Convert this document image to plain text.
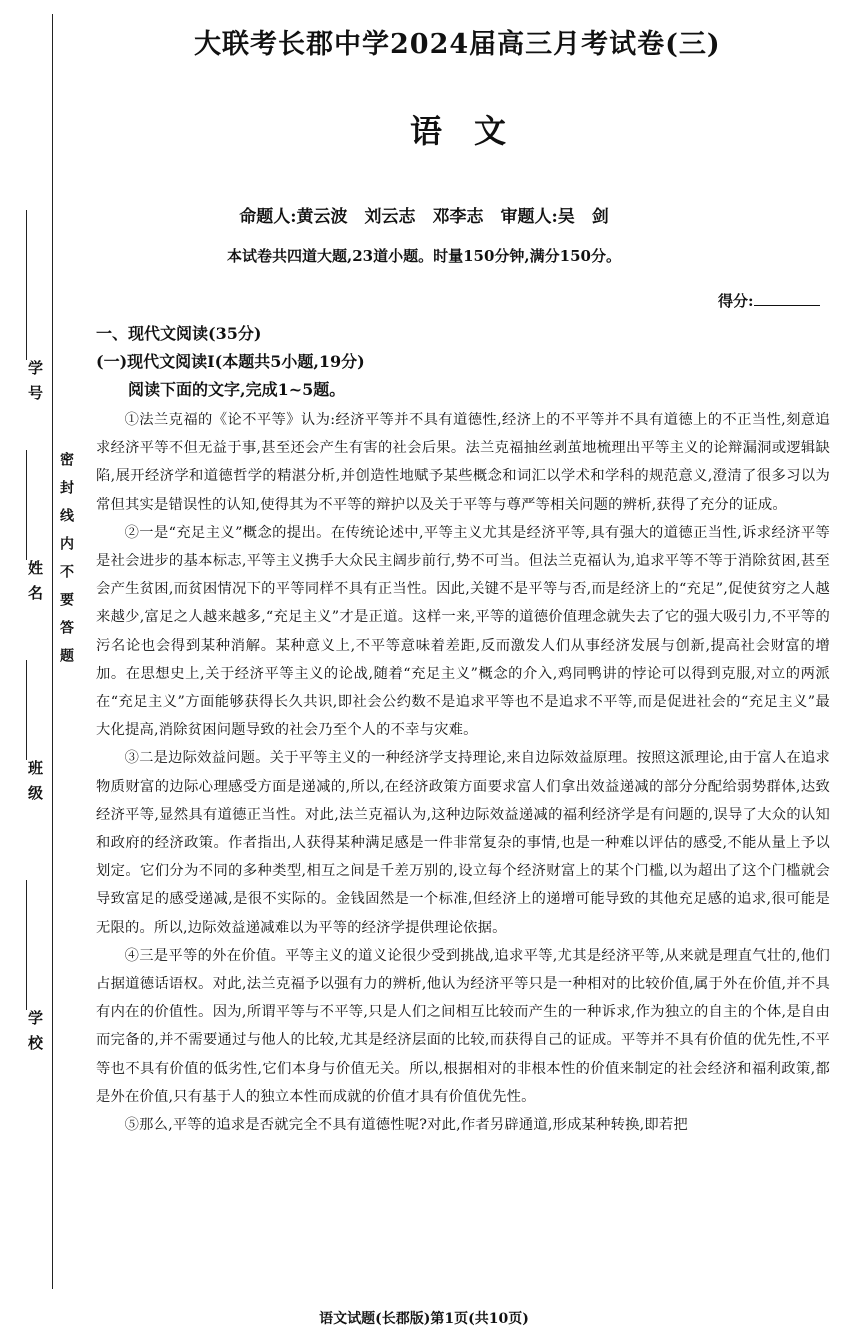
学号
姓名
班级
学校
密封线内不要答题
大联考长郡中学2024届高三月考试卷(三)
语文
命题人:黄云波　刘云志　邓李志　审题人:吴　剑
本试卷共四道大题,23道小题。时量150分钟,满分150分。
得分:

一、现代文阅读(35分)

(一)现代文阅读Ⅰ(本题共5小题,19分)

阅读下面的文字,完成1~5题。

①法兰克福的《论不平等》认为:经济平等并不具有道德性,经济上的不平等并不具有道德上的不正当性,刻意追求经济平等不但无益于事,甚至还会产生有害的社会后果。法兰克福抽丝剥茧地梳理出平等主义的论辩漏洞或逻辑缺陷,展开经济学和道德哲学的精湛分析,并创造性地赋予某些概念和词汇以学术和学科的规范意义,澄清了很多习以为常但其实是错误性的认知,使得其为不平等的辩护以及关于平等与尊严等相关问题的辨析,获得了充分的证成。

②一是“充足主义”概念的提出。在传统论述中,平等主义尤其是经济平等,具有强大的道德正当性,诉求经济平等是社会进步的基本标志,平等主义携手大众民主阔步前行,势不可当。但法兰克福认为,追求平等不等于消除贫困,甚至会产生贫困,而贫困情况下的平等同样不具有正当性。因此,关键不是平等与否,而是经济上的“充足”,促使贫穷之人越来越少,富足之人越来越多,“充足主义”才是正道。这样一来,平等的道德价值理念就失去了它的强大吸引力,不平等的污名论也会得到某种消解。某种意义上,不平等意味着差距,反而激发人们从事经济发展与创新,提高社会财富的增加。在思想史上,关于经济平等主义的论战,随着“充足主义”概念的介入,鸡同鸭讲的悖论可以得到克服,对立的两派在“充足主义”方面能够获得长久共识,即社会公约数不是追求平等也不是追求不平等,而是促进社会的“充足主义”最大化提高,消除贫困问题导致的社会乃至个人的不幸与灾难。

③二是边际效益问题。关于平等主义的一种经济学支持理论,来自边际效益原理。按照这派理论,由于富人在追求物质财富的边际心理感受方面是递减的,所以,在经济政策方面要求富人们拿出效益递减的部分分配给弱势群体,达致经济平等,显然具有道德正当性。对此,法兰克福认为,这种边际效益递减的福利经济学是有问题的,误导了大众的认知和政府的经济政策。作者指出,人获得某种满足感是一件非常复杂的事情,也是一种难以评估的感受,不能从量上予以划定。它们分为不同的多种类型,相互之间是千差万别的,设立每个经济财富上的某个门槛,以为超出了这个门槛就会导致富足的感受递减,是很不实际的。金钱固然是一个标准,但经济上的递增可能导致的其他充足感的追求,很可能是无限的。所以,边际效益递减难以为平等的经济学提供理论依据。

④三是平等的外在价值。平等主义的道义论很少受到挑战,追求平等,尤其是经济平等,从来就是理直气壮的,他们占据道德话语权。对此,法兰克福予以强有力的辨析,他认为经济平等只是一种相对的比较价值,属于外在价值,并不具有内在的价值性。因为,所谓平等与不平等,只是人们之间相互比较而产生的一种诉求,作为独立的自主的个体,是自由而完备的,并不需要通过与他人的比较,尤其是经济层面的比较,而获得自己的证成。平等并不具有价值的优先性,不平等也不具有价值的低劣性,它们本身与价值无关。所以,根据相对的非根本性的价值来制定的社会经济和福利政策,都是外在价值,只有基于人的独立本性而成就的价值才具有价值优先性。

⑤那么,平等的追求是否就完全不具有道德性呢?对此,作者另辟通道,形成某种转换,即若把

语文试题(长郡版)第1页(共10页)
